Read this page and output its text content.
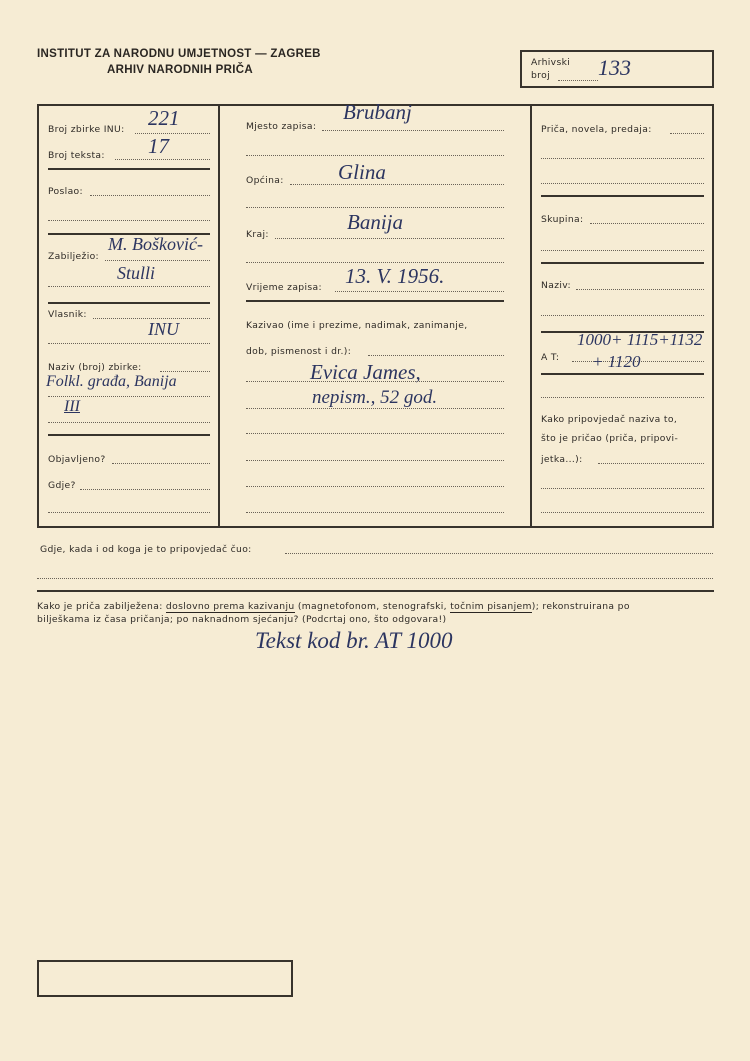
INSTITUT ZA NARODNU UMJETNOST — ZAGREB
ARHIV NARODNIH PRIČA
Arhivski
broj 133
Broj zbirke INU: 221
Broj teksta: 17
Poslao:
Zabilježio:
M. Bošković-
Stulli
Vlasnik:
INU
Naziv (broj) zbirke:
Folkl. građa, Banija
III
Objavljeno?
Gdje?
Mjesto zapisa:
Brubanj
Općina:	Glina
Kraj:
Banija
Vrijeme zapisa: 13. V. 1956.
Kazivao (ime i prezime, nadimak, zanimanje,
dob, pismenost i dr.):
Evica James,
nepism., 52 god.
Priča, novela, predaja:
Skupina:
Naziv:
1000+ 1115+1132
A T: + 1120
Kako pripovjedač naziva to,
što je pričao (priča, pripovi-
jetka...):
Gdje, kada i od koga je to pripovjedač čuo:
Kako je priča zabilježena: doslovno prema kazivanju (magnetofonom, stenografski, točnim pisanjem); rekonstruirana po
bilješkama iz časa pričanja; po naknadnom sjećanju? (Podcrtaj ono, što odgovara!)
Tekst kod br. AT 1000
